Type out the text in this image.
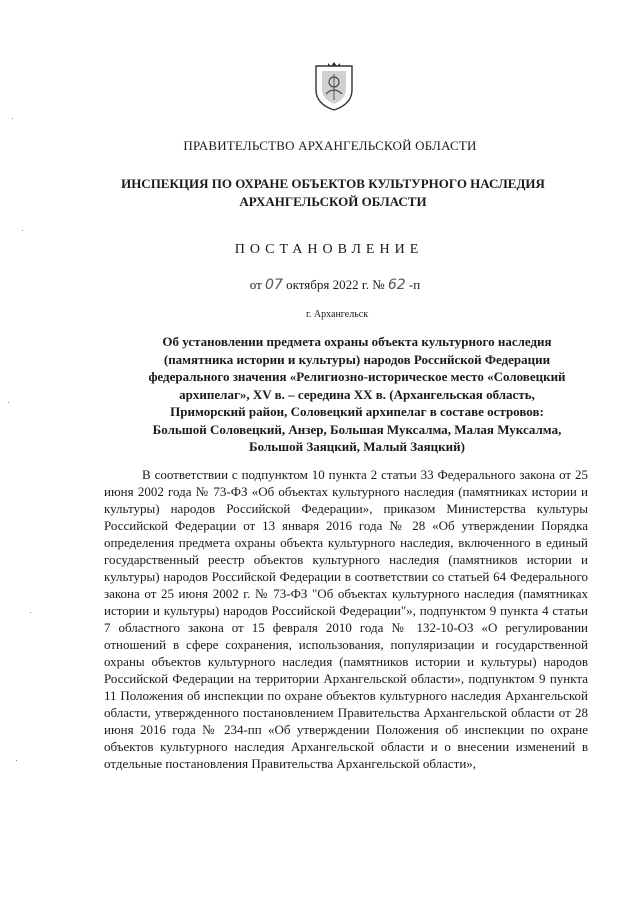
ПРАВИТЕЛЬСТВО АРХАНГЕЛЬСКОЙ ОБЛАСТИ
ИНСПЕКЦИЯ ПО ОХРАНЕ ОБЪЕКТОВ КУЛЬТУРНОГО НАСЛЕДИЯ
АРХАНГЕЛЬСКОЙ ОБЛАСТИ
ПОСТАНОВЛЕНИЕ
от 07 октября 2022 г. № 62 -п
г. Архангельск
Об установлении предмета охраны объекта культурного наследия
(памятника истории и культуры) народов Российской Федерации
федерального значения «Религиозно-историческое место «Соловецкий
архипелаг», XV в. – середина XX в. (Архангельская область,
Приморский район, Соловецкий архипелаг в составе островов:
Большой Соловецкий, Анзер, Большая Муксалма, Малая Муксалма,
Большой Заяцкий, Малый Заяцкий)

В соответствии с подпунктом 10 пункта 2 статьи 33 Федерального закона от 25 июня 2002 года № 73-ФЗ «Об объектах культурного наследия (памятниках истории и культуры) народов Российской Федерации», приказом Министерства культуры Российской Федерации от 13 января 2016 года № 28 «Об утверждении Порядка определения предмета охраны объекта культурного наследия, включенного в единый государственный реестр объектов культурного наследия (памятников истории и культуры) народов Российской Федерации в соответствии со статьей 64 Федерального закона от 25 июня 2002 г. № 73-ФЗ "Об объектах культурного наследия (памятниках истории и культуры) народов Российской Федерации"», подпунктом 9 пункта 4 статьи 7 областного закона от 15 февраля 2010 года № 132-10-ОЗ «О регулировании отношений в сфере сохранения, использования, популяризации и государственной охраны объектов культурного наследия (памятников истории и культуры) народов Российской Федерации на территории Архангельской области», подпунктом 9 пункта 11 Положения об инспекции по охране объектов культурного наследия Архангельской области, утвержденного постановлением Правительства Архангельской области от 28 июня 2016 года № 234-пп «Об утверждении Положения об инспекции по охране объектов культурного наследия Архангельской области и о внесении изменений в отдельные постановления Правительства Архангельской области»,
